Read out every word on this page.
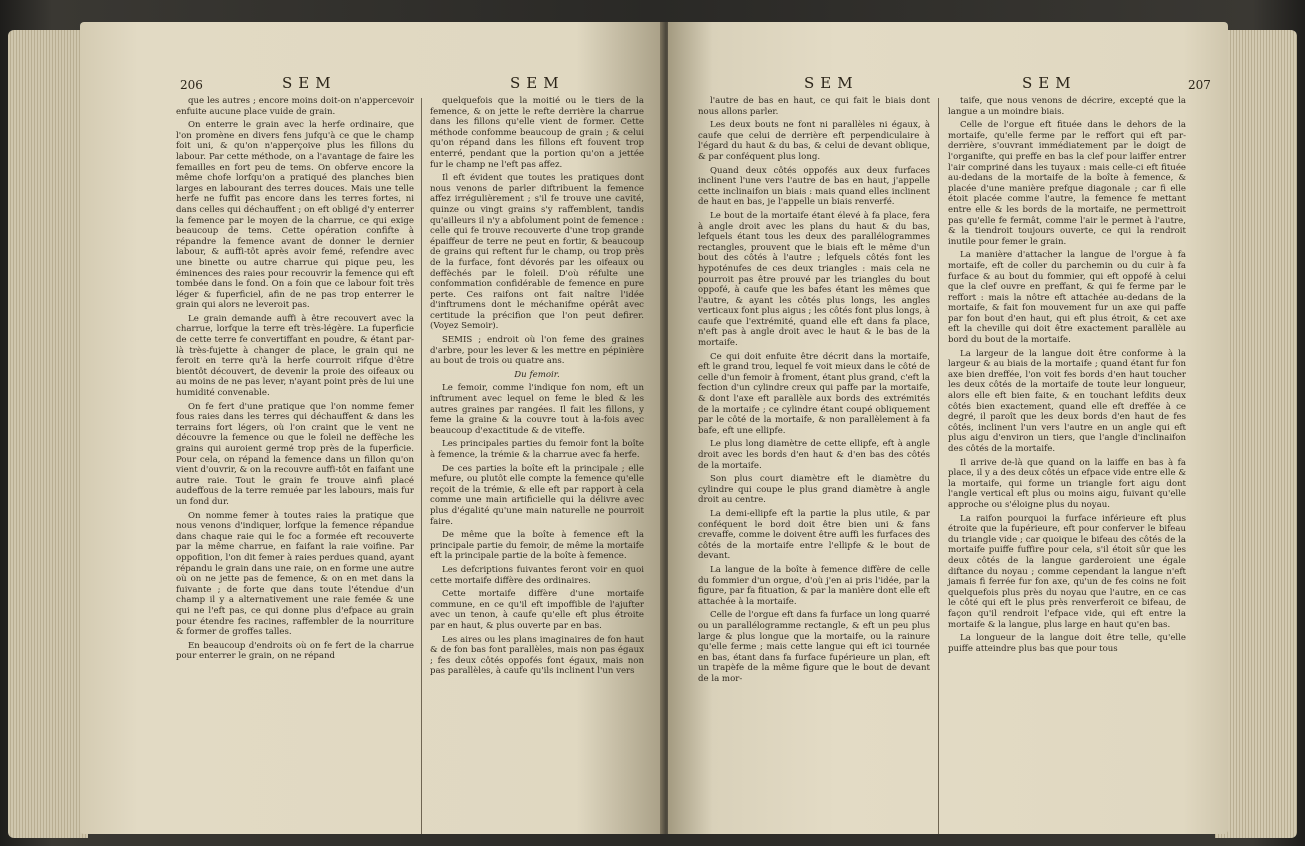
206	SEM	SEM

que les autres ; encore moins doit-on n'appercevoir enfuite aucune place vuide de grain.

On enterre le grain avec la herfe ordinaire, que l'on promène en divers fens jufqu'à ce que le champ foit uni, & qu'on n'apperçoive plus les fillons du labour. Par cette méthode, on a l'avantage de faire les femailles en fort peu de tems. On obferve encore la même chofe lorfqu'on a pratiqué des planches bien larges en labourant des terres douces. Mais une telle herfe ne fuffit pas encore dans les terres fortes, ni dans celles qui déchauffent ; on eft obligé d'y enterrer la femence par le moyen de la charrue, ce qui exige beaucoup de tems. Cette opération confifte à répandre la femence avant de donner le dernier labour, & auffi-tôt après avoir femé, refendre avec une binette ou autre charrue qui pique peu, les éminences des raies pour recouvrir la femence qui eft tombée dans le fond. On a foin que ce labour foit très léger & fuperficiel, afin de ne pas trop enterrer le grain qui alors ne leveroit pas.

Le grain demande auffi à être recouvert avec la charrue, lorfque la terre eft très-légère. La fuperficie de cette terre fe convertiffant en poudre, & étant par-là très-fujette à changer de place, le grain qui ne feroit en terre qu'à la herfe courroit rifque d'être bientôt découvert, de devenir la proie des oifeaux ou au moins de ne pas lever, n'ayant point près de lui une humidité convenable.

On fe fert d'une pratique que l'on nomme femer fous raies dans les terres qui déchauffent & dans les terrains fort légers, où l'on craint que le vent ne découvre la femence ou que le foleil ne deffèche les grains qui auroient germé trop près de la fuperficie. Pour cela, on répand la femence dans un fillon qu'on vient d'ouvrir, & on la recouvre auffi-tôt en faifant une autre raie. Tout le grain fe trouve ainfi placé audeffous de la terre remuée par les labours, mais fur un fond dur.

On nomme femer à toutes raies la pratique que nous venons d'indiquer, lorfque la femence répandue dans chaque raie qui le foc a formée eft recouverte par la même charrue, en faifant la raie voifine. Par oppofition, l'on dit femer à raies perdues quand, ayant répandu le grain dans une raie, on en forme une autre où on ne jette pas de femence, & on en met dans la fuivante ; de forte que dans toute l'étendue d'un champ il y a alternativement une raie femée & une qui ne l'eft pas, ce qui donne plus d'efpace au grain pour étendre fes racines, raffembler de la nourriture & former de groffes talles.

En beaucoup d'endroits où on fe fert de la charrue pour enterrer le grain, on ne répand

quelquefois que la moitié ou le tiers de la femence, & on jette le refte derrière la charrue dans les fillons qu'elle vient de former. Cette méthode confomme beaucoup de grain ; & celui qu'on répand dans les fillons eft fouvent trop enterré, pendant que la portion qu'on a jettée fur le champ ne l'eft pas affez.

Il eft évident que toutes les pratiques dont nous venons de parler diftribuent la femence affez irrégulièrement ; s'il fe trouve une cavité, quinze ou vingt grains s'y raffemblent, tandis qu'ailleurs il n'y a abfolument point de femence : celle qui fe trouve recouverte d'une trop grande épaiffeur de terre ne peut en fortir, & beaucoup de grains qui reftent fur le champ, ou trop près de la furface, font dévorés par les oifeaux ou deffèchés par le foleil. D'où réfulte une confommation confidérable de femence en pure perte. Ces raifons ont fait naître l'idée d'inftrumens dont le méchanifme opérât avec certitude la précifion que l'on peut defirer. (Voyez Semoir).

SEMIS ; endroit où l'on feme des graines d'arbre, pour les lever & les mettre en pépinière au bout de trois ou quatre ans.

Du femoir.

Le femoir, comme l'indique fon nom, eft un inftrument avec lequel on feme le bled & les autres graines par rangées. Il fait les fillons, y feme la graine & la couvre tout à la-fois avec beaucoup d'exactitude & de viteffe.

Les principales parties du femoir font la boîte à femence, la trémie & la charrue avec fa herfe.

De ces parties la boîte eft la principale ; elle mefure, ou plutôt elle compte la femence qu'elle reçoit de la trémie, & elle eft par rapport à cela comme une main artificielle qui la délivre avec plus d'égalité qu'une main naturelle ne pourroit faire.

De même que la boîte à femence eft la principale partie du femoir, de même la mortaife eft la principale partie de la boîte à femence.

Les defcriptions fuivantes feront voir en quoi cette mortaife diffère des ordinaires.

Cette mortaife diffère d'une mortaife commune, en ce qu'il eft impoffible de l'ajufter avec un tenon, à caufe qu'elle eft plus étroite par en haut, & plus ouverte par en bas.

Les aires ou les plans imaginaires de fon haut & de fon bas font parallèles, mais non pas égaux ; fes deux côtés oppofés font égaux, mais non pas parallèles, à caufe qu'ils inclinent l'un vers

SEM	SEM	207

l'autre de bas en haut, ce qui fait le biais dont nous allons parler.

Les deux bouts ne font ni parallèles ni égaux, à caufe que celui de derrière eft perpendiculaire à l'égard du haut & du bas, & celui de devant oblique, & par conféquent plus long.

Quand deux côtés oppofés aux deux furfaces inclinent l'une vers l'autre de bas en haut, j'appelle cette inclinaifon un biais : mais quand elles inclinent de haut en bas, je l'appelle un biais renverfé.

Le bout de la mortaife étant élevé à fa place, fera à angle droit avec les plans du haut & du bas, lefquels étant tous les deux des parallélogrammes rectangles, prouvent que le biais eft le même d'un bout des côtés à l'autre ; lefquels côtés font les hypoténufes de ces deux triangles : mais cela ne pourroit pas être prouvé par les triangles du bout oppofé, à caufe que les bafes étant les mêmes que l'autre, & ayant les côtés plus longs, les angles verticaux font plus aigus ; les côtés font plus longs, à caufe que l'extrémité, quand elle eft dans fa place, n'eft pas à angle droit avec le haut & le bas de la mortaife.

Ce qui doit enfuite être décrit dans la mortaife, eft le grand trou, lequel fe voit mieux dans le côté de celle d'un femoir à froment, étant plus grand, c'eft la fection d'un cylindre creux qui paffe par la mortaife, & dont l'axe eft parallèle aux bords des extrémités de la mortaife ; ce cylindre étant coupé obliquement par le côté de la mortaife, & non parallèlement à fa bafe, eft une ellipfe.

Le plus long diamètre de cette ellipfe, eft à angle droit avec les bords d'en haut & d'en bas des côtés de la mortaife.

Son plus court diamètre eft le diamètre du cylindre qui coupe le plus grand diamètre à angle droit au centre.

La demi-ellipfe eft la partie la plus utile, & par conféquent le bord doit être bien uni & fans crevaffe, comme le doivent être auffi les furfaces des côtés de la mortaife entre l'ellipfe & le bout de devant.

La langue de la boîte à femence diffère de celle du fommier d'un orgue, d'où j'en ai pris l'idée, par la figure, par fa fituation, & par la manière dont elle eft attachée à la mortaife.

Celle de l'orgue eft dans fa furface un long quarré ou un parallélogramme rectangle, & eft un peu plus large & plus longue que la mortaife, ou la rainure qu'elle ferme ; mais cette langue qui eft ici tournée en bas, étant dans fa furface fupérieure un plan, eft un trapèfe de la même figure que le bout de devant de la mor-

taife, que nous venons de décrire, excepté que la langue a un moindre biais.

Celle de l'orgue eft fituée dans le dehors de la mortaife, qu'elle ferme par le reffort qui eft par-derrière, s'ouvrant immédiatement par le doigt de l'organifte, qui preffe en bas la clef pour laiffer entrer l'air compriné dans les tuyaux : mais celle-ci eft fituée au-dedans de la mortaife de la boîte à femence, & placée d'une manière prefque diagonale ; car fi elle étoit placée comme l'autre, la femence fe mettant entre elle & les bords de la mortaife, ne permettroit pas qu'elle fe fermât, comme l'air le permet à l'autre, & la tiendroit toujours ouverte, ce qui la rendroit inutile pour femer le grain.

La manière d'attacher la langue de l'orgue à fa mortaife, eft de coller du parchemin ou du cuir à fa furface & au bout du fommier, qui eft oppofé à celui que la clef ouvre en preffant, & qui fe ferme par le reffort : mais la nôtre eft attachée au-dedans de la mortaife, & fait fon mouvement fur un axe qui paffe par fon bout d'en haut, qui eft plus étroit, & cet axe eft la cheville qui doit être exactement parallèle au bord du bout de la mortaife.

La largeur de la langue doit être conforme à la largeur & au biais de la mortaife ; quand étant fur fon axe bien dreffée, l'on voit fes bords d'en haut toucher les deux côtés de la mortaife de toute leur longueur, alors elle eft bien faite, & en touchant lefdits deux côtés bien exactement, quand elle eft dreffée à ce degré, il paroît que les deux bords d'en haut de fes côtés, inclinent l'un vers l'autre en un angle qui eft plus aigu d'environ un tiers, que l'angle d'inclinaifon des côtés de la mortaife.

Il arrive de-là que quand on la laiffe en bas à fa place, il y a des deux côtés un efpace vide entre elle & la mortaife, qui forme un triangle fort aigu dont l'angle vertical eft plus ou moins aigu, fuivant qu'elle approche ou s'éloigne plus du noyau.

La raifon pourquoi la furface inférieure eft plus étroite que la fupérieure, eft pour conferver le bifeau du triangle vide ; car quoique le bifeau des côtés de la mortaife puiffe fuffire pour cela, s'il étoit sûr que les deux côtés de la langue garderoient une égale diftance du noyau ; comme cependant la langue n'eft jamais fi ferrée fur fon axe, qu'un de fes coins ne foit quelquefois plus près du noyau que l'autre, en ce cas le côté qui eft le plus près renverferoit ce bifeau, de façon qu'il rendroit l'efpace vide, qui eft entre la mortaife & la langue, plus large en haut qu'en bas.

La longueur de la langue doit être telle, qu'elle puiffe atteindre plus bas que pour tous
